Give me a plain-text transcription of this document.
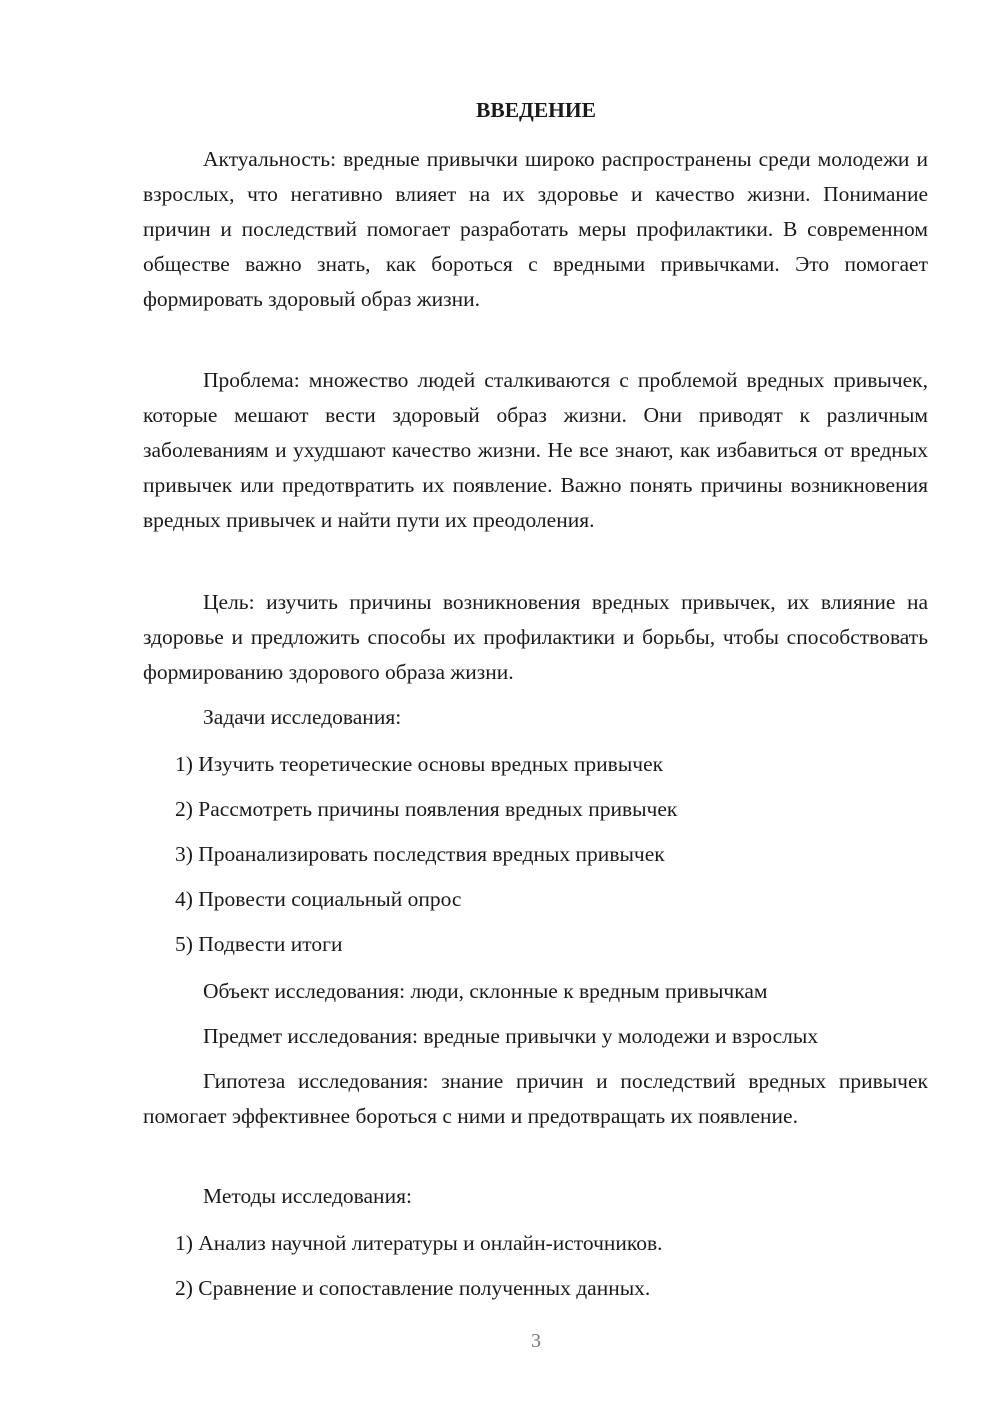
ВВЕДЕНИЕ
Актуальность: вредные привычки широко распространены среди молодежи и взрослых, что негативно влияет на их здоровье и качество жизни. Понимание причин и последствий помогает разработать меры профилактики. В современном обществе важно знать, как бороться с вредными привычками. Это помогает формировать здоровый образ жизни.
Проблема: множество людей сталкиваются с проблемой вредных привычек, которые мешают вести здоровый образ жизни. Они приводят к различным заболеваниям и ухудшают качество жизни. Не все знают, как избавиться от вредных привычек или предотвратить их появление. Важно понять причины возникновения вредных привычек и найти пути их преодоления.
Цель: изучить причины возникновения вредных привычек, их влияние на здоровье и предложить способы их профилактики и борьбы, чтобы способствовать формированию здорового образа жизни.
Задачи исследования:
1) Изучить теоретические основы вредных привычек
2) Рассмотреть причины появления вредных привычек
3) Проанализировать последствия вредных привычек
4) Провести социальный опрос
5) Подвести итоги
Объект исследования: люди, склонные к вредным привычкам
Предмет исследования: вредные привычки у молодежи и взрослых
Гипотеза исследования: знание причин и последствий вредных привычек помогает эффективнее бороться с ними и предотвращать их появление.
Методы исследования:
1) Анализ научной литературы и онлайн-источников.
2) Сравнение и сопоставление полученных данных.
3
